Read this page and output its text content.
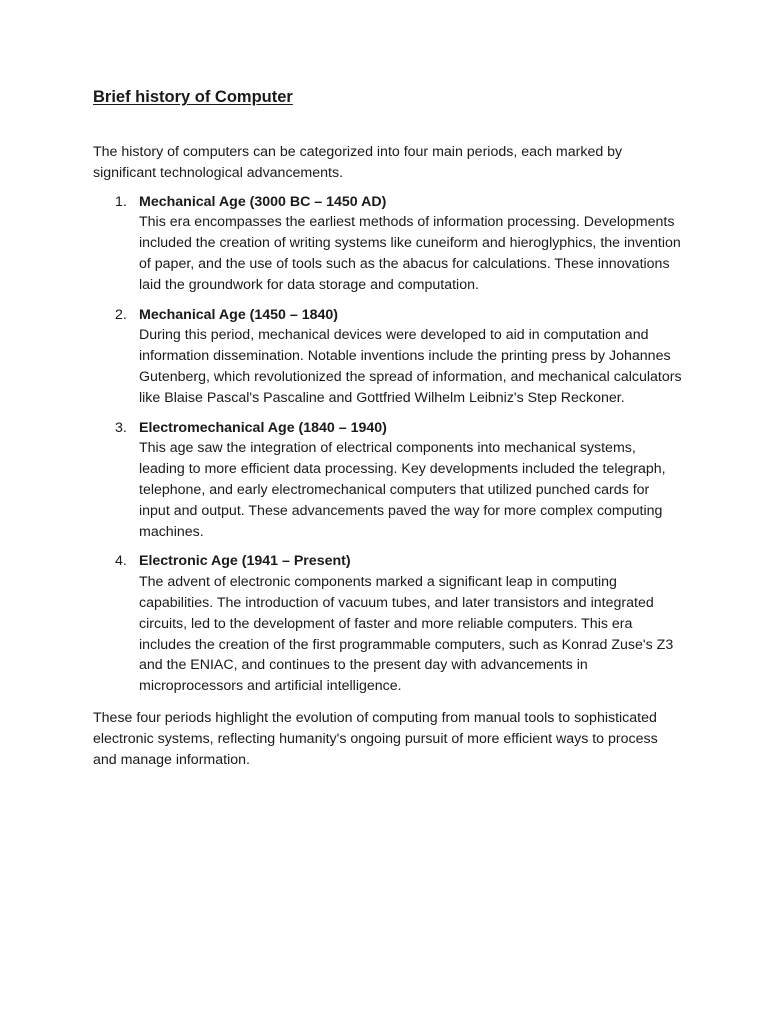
Brief history of Computer

The history of computers can be categorized into four main periods, each marked by significant technological advancements.

1. Mechanical Age (3000 BC – 1450 AD)
This era encompasses the earliest methods of information processing. Developments included the creation of writing systems like cuneiform and hieroglyphics, the invention of paper, and the use of tools such as the abacus for calculations. These innovations laid the groundwork for data storage and computation.
2. Mechanical Age (1450 – 1840)
During this period, mechanical devices were developed to aid in computation and information dissemination. Notable inventions include the printing press by Johannes Gutenberg, which revolutionized the spread of information, and mechanical calculators like Blaise Pascal's Pascaline and Gottfried Wilhelm Leibniz's Step Reckoner.
3. Electromechanical Age (1840 – 1940)
This age saw the integration of electrical components into mechanical systems, leading to more efficient data processing. Key developments included the telegraph, telephone, and early electromechanical computers that utilized punched cards for input and output. These advancements paved the way for more complex computing machines.
4. Electronic Age (1941 – Present)
The advent of electronic components marked a significant leap in computing capabilities. The introduction of vacuum tubes, and later transistors and integrated circuits, led to the development of faster and more reliable computers. This era includes the creation of the first programmable computers, such as Konrad Zuse's Z3 and the ENIAC, and continues to the present day with advancements in microprocessors and artificial intelligence.

These four periods highlight the evolution of computing from manual tools to sophisticated electronic systems, reflecting humanity's ongoing pursuit of more efficient ways to process and manage information.
